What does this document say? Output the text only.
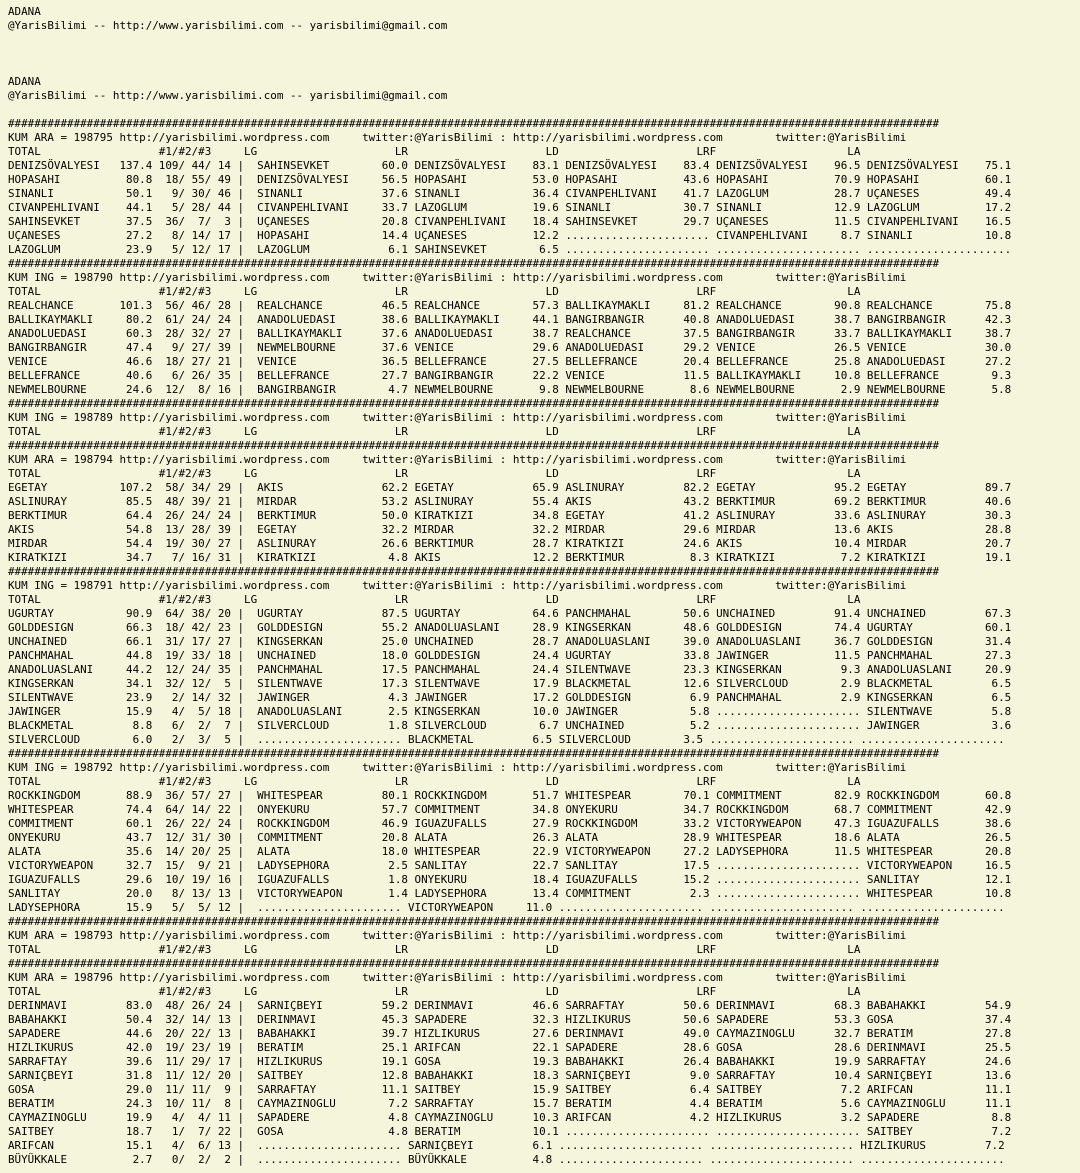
ADANA
@YarisBilimi -- http://www.yarisbilimi.com -- yarisbilimi@gmail.com
ADANA
@YarisBilimi -- http://www.yarisbilimi.com -- yarisbilimi@gmail.com
##############################################################################################################################################
KUM ARA = 198795 http://yarisbilimi.wordpress.com     twitter:@YarisBilimi : http://yarisbilimi.wordpress.com        twitter:@YarisBilimi
TOTAL                  #1/#2/#3     LG                     LR                     LD                     LRF                    LA
DENIZSÖVALYESI   137.4 109/ 44/ 14 |  SAHINSEVKET        60.0 DENIZSÖVALYESI    83.1 DENIZSÖVALYESI    83.4 DENIZSÖVALYESI    96.5 DENIZSÖVALYESI    75.1
HOPASAHI          80.8  18/ 55/ 49 |  DENIZSÖVALYESI     56.5 HOPASAHI          53.0 HOPASAHI          43.6 HOPASAHI          70.9 HOPASAHI          60.1
SINANLI           50.1   9/ 30/ 46 |  SINANLI            37.6 SINANLI           36.4 CIVANPEHLIVANI    41.7 LAZOGLUM          28.7 UÇANESES          49.4
CIVANPEHLIVANI    44.1   5/ 28/ 44 |  CIVANPEHLIVANI     33.7 LAZOGLUM          19.6 SINANLI           30.7 SINANLI           12.9 LAZOGLUM          17.2
SAHINSEVKET       37.5  36/  7/  3 |  UÇANESES           20.8 CIVANPEHLIVANI    18.4 SAHINSEVKET       29.7 UÇANESES          11.5 CIVANPEHLIVANI    16.5
UÇANESES          27.2   8/ 14/ 17 |  HOPASAHI           14.4 UÇANESES          12.2 ...................... CIVANPEHLIVANI     8.7 SINANLI           10.8
LAZOGLUM          23.9   5/ 12/ 17 |  LAZOGLUM            6.1 SAHINSEVKET        6.5 ...................... ...................... ......................
##############################################################################################################################################
KUM ING = 198790 http://yarisbilimi.wordpress.com     twitter:@YarisBilimi : http://yarisbilimi.wordpress.com        twitter:@YarisBilimi
TOTAL                  #1/#2/#3     LG                     LR                     LD                     LRF                    LA
REALCHANCE       101.3  56/ 46/ 28 |  REALCHANCE         46.5 REALCHANCE        57.3 BALLIKAYMAKLI     81.2 REALCHANCE        90.8 REALCHANCE        75.8
BALLIKAYMAKLI     80.2  61/ 24/ 24 |  ANADOLUEDASI       38.6 BALLIKAYMAKLI     44.1 BANGIRBANGIR      40.8 ANADOLUEDASI      38.7 BANGIRBANGIR      42.3
ANADOLUEDASI      60.3  28/ 32/ 27 |  BALLIKAYMAKLI      37.6 ANADOLUEDASI      38.7 REALCHANCE        37.5 BANGIRBANGIR      33.7 BALLIKAYMAKLI     38.7
BANGIRBANGIR      47.4   9/ 27/ 39 |  NEWMELBOURNE       37.6 VENICE            29.6 ANADOLUEDASI      29.2 VENICE            26.5 VENICE            30.0
VENICE            46.6  18/ 27/ 21 |  VENICE             36.5 BELLEFRANCE       27.5 BELLEFRANCE       20.4 BELLEFRANCE       25.8 ANADOLUEDASI      27.2
BELLEFRANCE       40.6   6/ 26/ 35 |  BELLEFRANCE        27.7 BANGIRBANGIR      22.2 VENICE            11.5 BALLIKAYMAKLI     10.8 BELLEFRANCE        9.3
NEWMELBOURNE      24.6  12/  8/ 16 |  BANGIRBANGIR        4.7 NEWMELBOURNE       9.8 NEWMELBOURNE       8.6 NEWMELBOURNE       2.9 NEWMELBOURNE       5.8
##############################################################################################################################################
KUM ING = 198789 http://yarisbilimi.wordpress.com     twitter:@YarisBilimi : http://yarisbilimi.wordpress.com        twitter:@YarisBilimi
TOTAL                  #1/#2/#3     LG                     LR                     LD                     LRF                    LA
##############################################################################################################################################
KUM ARA = 198794 http://yarisbilimi.wordpress.com     twitter:@YarisBilimi : http://yarisbilimi.wordpress.com        twitter:@YarisBilimi
TOTAL                  #1/#2/#3     LG                     LR                     LD                     LRF                    LA
EGETAY           107.2  58/ 34/ 29 |  AKIS               62.2 EGETAY            65.9 ASLINURAY         82.2 EGETAY            95.2 EGETAY            89.7
ASLINURAY         85.5  48/ 39/ 21 |  MIRDAR             53.2 ASLINURAY         55.4 AKIS              43.2 BERKTIMUR         69.2 BERKTIMUR         40.6
BERKTIMUR         64.4  26/ 24/ 24 |  BERKTIMUR          50.0 KIRATKIZI         34.8 EGETAY            41.2 ASLINURAY         33.6 ASLINURAY         30.3
AKIS              54.8  13/ 28/ 39 |  EGETAY             32.2 MIRDAR            32.2 MIRDAR            29.6 MIRDAR            13.6 AKIS              28.8
MIRDAR            54.4  19/ 30/ 27 |  ASLINURAY          26.6 BERKTIMUR         28.7 KIRATKIZI         24.6 AKIS              10.4 MIRDAR            20.7
KIRATKIZI         34.7   7/ 16/ 31 |  KIRATKIZI           4.8 AKIS              12.2 BERKTIMUR          8.3 KIRATKIZI          7.2 KIRATKIZI         19.1
##############################################################################################################################################
KUM ING = 198791 http://yarisbilimi.wordpress.com     twitter:@YarisBilimi : http://yarisbilimi.wordpress.com        twitter:@YarisBilimi
TOTAL                  #1/#2/#3     LG                     LR                     LD                     LRF                    LA
UGURTAY           90.9  64/ 38/ 20 |  UGURTAY            87.5 UGURTAY           64.6 PANCHMAHAL        50.6 UNCHAINED         91.4 UNCHAINED         67.3
GOLDDESIGN        66.3  18/ 42/ 23 |  GOLDDESIGN         55.2 ANADOLUASLANI     28.9 KINGSERKAN        48.6 GOLDDESIGN        74.4 UGURTAY           60.1
UNCHAINED         66.1  31/ 17/ 27 |  KINGSERKAN         25.0 UNCHAINED         28.7 ANADOLUASLANI     39.0 ANADOLUASLANI     36.7 GOLDDESIGN        31.4
PANCHMAHAL        44.8  19/ 33/ 18 |  UNCHAINED          18.0 GOLDDESIGN        24.4 UGURTAY           33.8 JAWINGER          11.5 PANCHMAHAL        27.3
ANADOLUASLANI     44.2  12/ 24/ 35 |  PANCHMAHAL         17.5 PANCHMAHAL        24.4 SILENTWAVE        23.3 KINGSERKAN         9.3 ANADOLUASLANI     20.9
KINGSERKAN        34.1  32/ 12/  5 |  SILENTWAVE         17.3 SILENTWAVE        17.9 BLACKMETAL        12.6 SILVERCLOUD        2.9 BLACKMETAL         6.5
SILENTWAVE        23.9   2/ 14/ 32 |  JAWINGER            4.3 JAWINGER          17.2 GOLDDESIGN         6.9 PANCHMAHAL         2.9 KINGSERKAN         6.5
JAWINGER          15.9   4/  5/ 18 |  ANADOLUASLANI       2.5 KINGSERKAN        10.0 JAWINGER           5.8 ...................... SILENTWAVE         5.8
BLACKMETAL         8.8   6/  2/  7 |  SILVERCLOUD         1.8 SILVERCLOUD        6.7 UNCHAINED          5.2 ...................... JAWINGER           3.6
SILVERCLOUD        6.0   2/  3/  5 |  ...................... BLACKMETAL         6.5 SILVERCLOUD        3.5 ...................... ......................
##############################################################################################################################################
KUM ING = 198792 http://yarisbilimi.wordpress.com     twitter:@YarisBilimi : http://yarisbilimi.wordpress.com        twitter:@YarisBilimi
TOTAL                  #1/#2/#3     LG                     LR                     LD                     LRF                    LA
ROCKKINGDOM       88.9  36/ 57/ 27 |  WHITESPEAR         80.1 ROCKKINGDOM       51.7 WHITESPEAR        70.1 COMMITMENT        82.9 ROCKKINGDOM       60.8
WHITESPEAR        74.4  64/ 14/ 22 |  ONYEKURU           57.7 COMMITMENT        34.8 ONYEKURU          34.7 ROCKKINGDOM       68.7 COMMITMENT        42.9
COMMITMENT        60.1  26/ 22/ 24 |  ROCKKINGDOM        46.9 IGUAZUFALLS       27.9 ROCKKINGDOM       33.2 VICTORYWEAPON     47.3 IGUAZUFALLS       38.6
ONYEKURU          43.7  12/ 31/ 30 |  COMMITMENT         20.8 ALATA             26.3 ALATA             28.9 WHITESPEAR        18.6 ALATA             26.5
ALATA             35.6  14/ 20/ 25 |  ALATA              18.0 WHITESPEAR        22.9 VICTORYWEAPON     27.2 LADYSEPHORA       11.5 WHITESPEAR        20.8
VICTORYWEAPON     32.7  15/  9/ 21 |  LADYSEPHORA         2.5 SANLITAY          22.7 SANLITAY          17.5 ...................... VICTORYWEAPON     16.5
IGUAZUFALLS       29.6  10/ 19/ 16 |  IGUAZUFALLS         1.8 ONYEKURU          18.4 IGUAZUFALLS       15.2 ...................... SANLITAY          12.1
SANLITAY          20.0   8/ 13/ 13 |  VICTORYWEAPON       1.4 LADYSEPHORA       13.4 COMMITMENT         2.3 ...................... WHITESPEAR        10.8
LADYSEPHORA       15.9   5/  5/ 12 |  ...................... VICTORYWEAPON     11.0 ...................... ...................... ......................
##############################################################################################################################################
KUM ARA = 198793 http://yarisbilimi.wordpress.com     twitter:@YarisBilimi : http://yarisbilimi.wordpress.com        twitter:@YarisBilimi
TOTAL                  #1/#2/#3     LG                     LR                     LD                     LRF                    LA
##############################################################################################################################################
KUM ARA = 198796 http://yarisbilimi.wordpress.com     twitter:@YarisBilimi : http://yarisbilimi.wordpress.com        twitter:@YarisBilimi
TOTAL                  #1/#2/#3     LG                     LR                     LD                     LRF                    LA
DERINMAVI         83.0  48/ 26/ 24 |  SARNIÇBEYI         59.2 DERINMAVI         46.6 SARRAFTAY         50.6 DERINMAVI         68.3 BABAHAKKI         54.9
BABAHAKKI         50.4  32/ 14/ 13 |  DERINMAVI          45.3 SAPADERE          32.3 HIZLIKURUS        50.6 SAPADERE          53.3 GOSA              37.4
SAPADERE          44.6  20/ 22/ 13 |  BABAHAKKI          39.7 HIZLIKURUS        27.6 DERINMAVI         49.0 CAYMAZINOGLU      32.7 BERATIM           27.8
HIZLIKURUS        42.0  19/ 23/ 19 |  BERATIM            25.1 ARIFCAN           22.1 SAPADERE          28.6 GOSA              28.6 DERINMAVI         25.5
SARRAFTAY         39.6  11/ 29/ 17 |  HIZLIKURUS         19.1 GOSA              19.3 BABAHAKKI         26.4 BABAHAKKI         19.9 SARRAFTAY         24.6
SARNIÇBEYI        31.8  11/ 12/ 20 |  SAITBEY            12.8 BABAHAKKI         18.3 SARNIÇBEYI         9.0 SARRAFTAY         10.4 SARNIÇBEYI        13.6
GOSA              29.0  11/ 11/  9 |  SARRAFTAY          11.1 SAITBEY           15.9 SAITBEY            6.4 SAITBEY            7.2 ARIFCAN           11.1
BERATIM           24.3  10/ 11/  8 |  CAYMAZINOGLU        7.2 SARRAFTAY         15.7 BERATIM            4.4 BERATIM            5.6 CAYMAZINOGLU      11.1
CAYMAZINOGLU      19.9   4/  4/ 11 |  SAPADERE            4.8 CAYMAZINOGLU      10.3 ARIFCAN            4.2 HIZLIKURUS         3.2 SAPADERE           8.8
SAITBEY           18.7   1/  7/ 22 |  GOSA                4.8 BERATIM           10.1 ...................... ...................... SAITBEY            7.2
ARIFCAN           15.1   4/  6/ 13 |  ...................... SARNIÇBEYI         6.1 ...................... ...................... HIZLIKURUS         7.2
BÜYÜKKALE          2.7   0/  2/  2 |  ...................... BÜYÜKKALE          4.8 ...................... ...................... ......................
